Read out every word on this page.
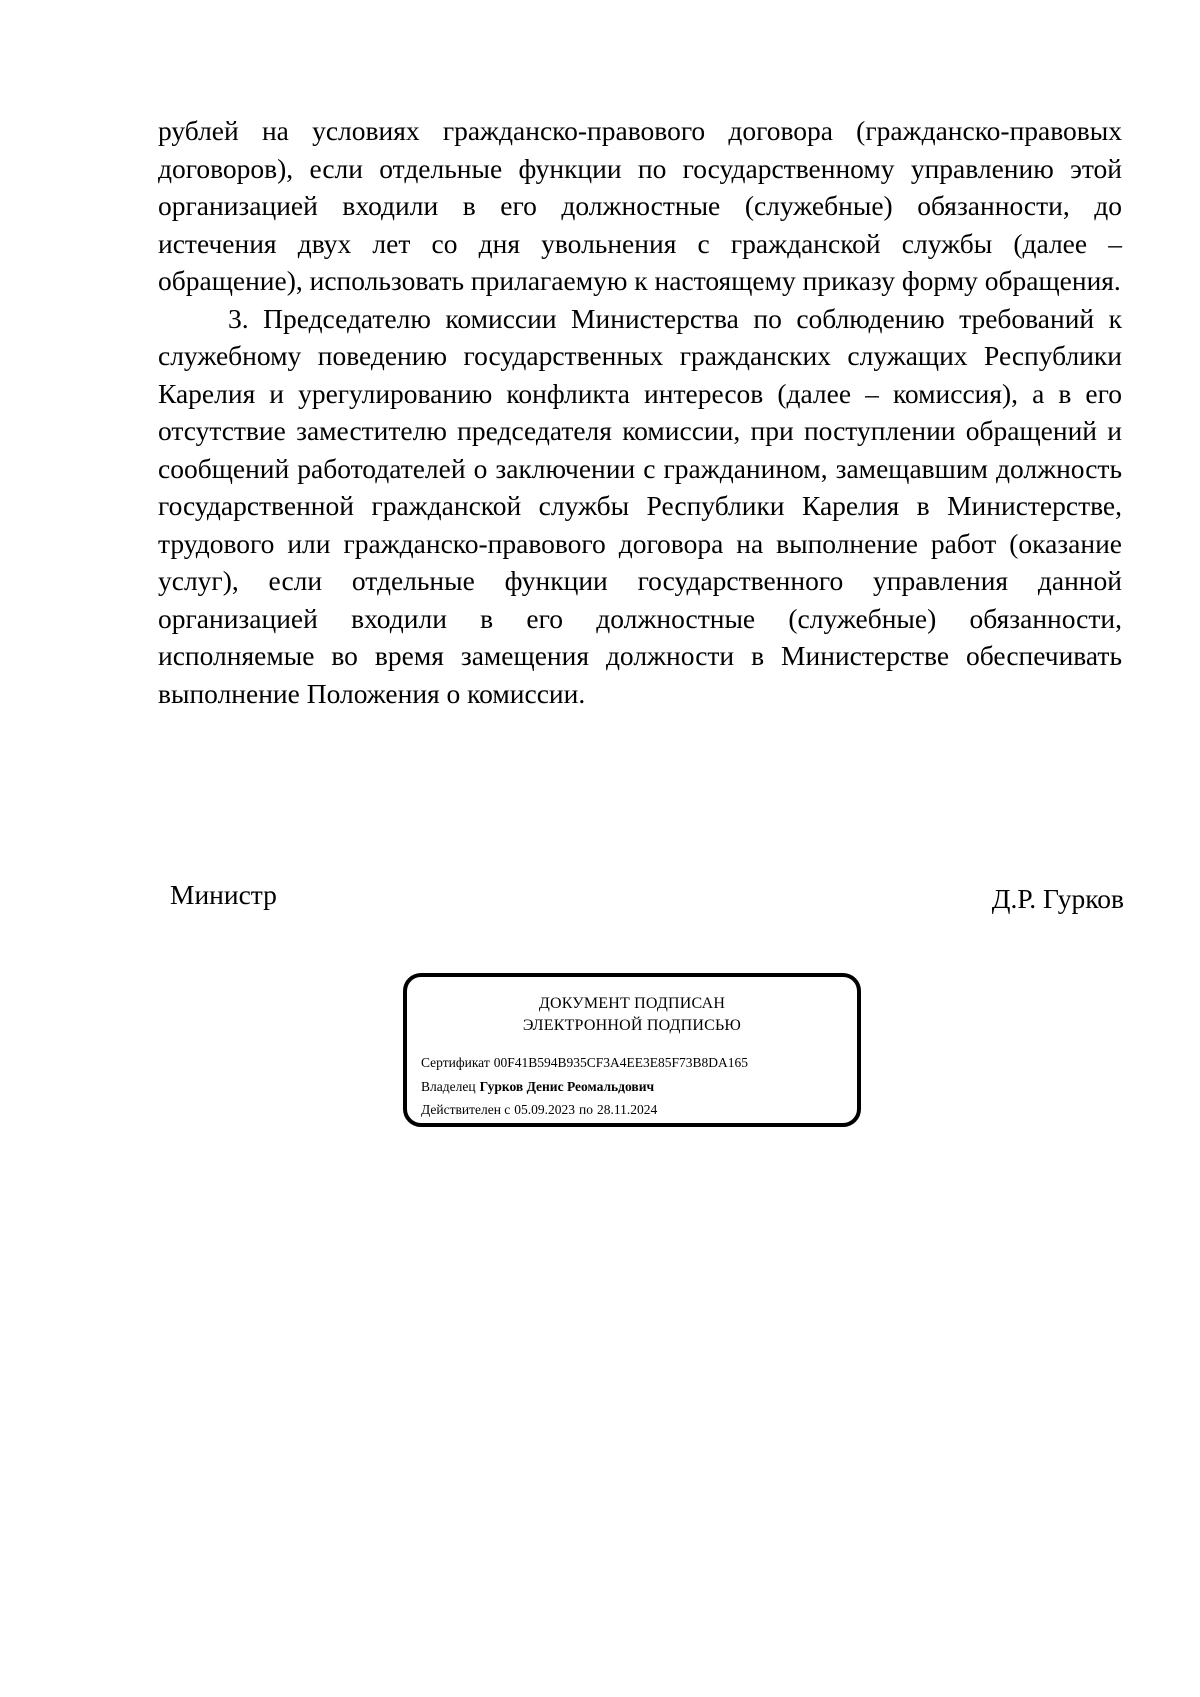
рублей на условиях гражданско-правового договора (гражданско-правовых договоров), если отдельные функции по государственному управлению этой организацией входили в его должностные (служебные) обязанности, до истечения двух лет со дня увольнения с гражданской службы (далее – обращение), использовать прилагаемую к настоящему приказу форму обращения.

3. Председателю комиссии Министерства по соблюдению требований к служебному поведению государственных гражданских служащих Республики Карелия и урегулированию конфликта интересов (далее – комиссия), а в его отсутствие заместителю председателя комиссии, при поступлении обращений и сообщений работодателей о заключении с гражданином, замещавшим должность государственной гражданской службы Республики Карелия в Министерстве, трудового или гражданско-правового договора на выполнение работ (оказание услуг), если отдельные функции государственного управления данной организацией входили в его должностные (служебные) обязанности, исполняемые во время замещения должности в Министерстве обеспечивать выполнение Положения о комиссии.

Министр	Д.Р. Гурков
ДОКУМЕНТ ПОДПИСАН
ЭЛЕКТРОННОЙ ПОДПИСЬЮ
Сертификат 00F41B594B935CF3A4EE3E85F73B8DA165
Владелец Гурков Денис Реомальдович
Действителен с 05.09.2023 по 28.11.2024
